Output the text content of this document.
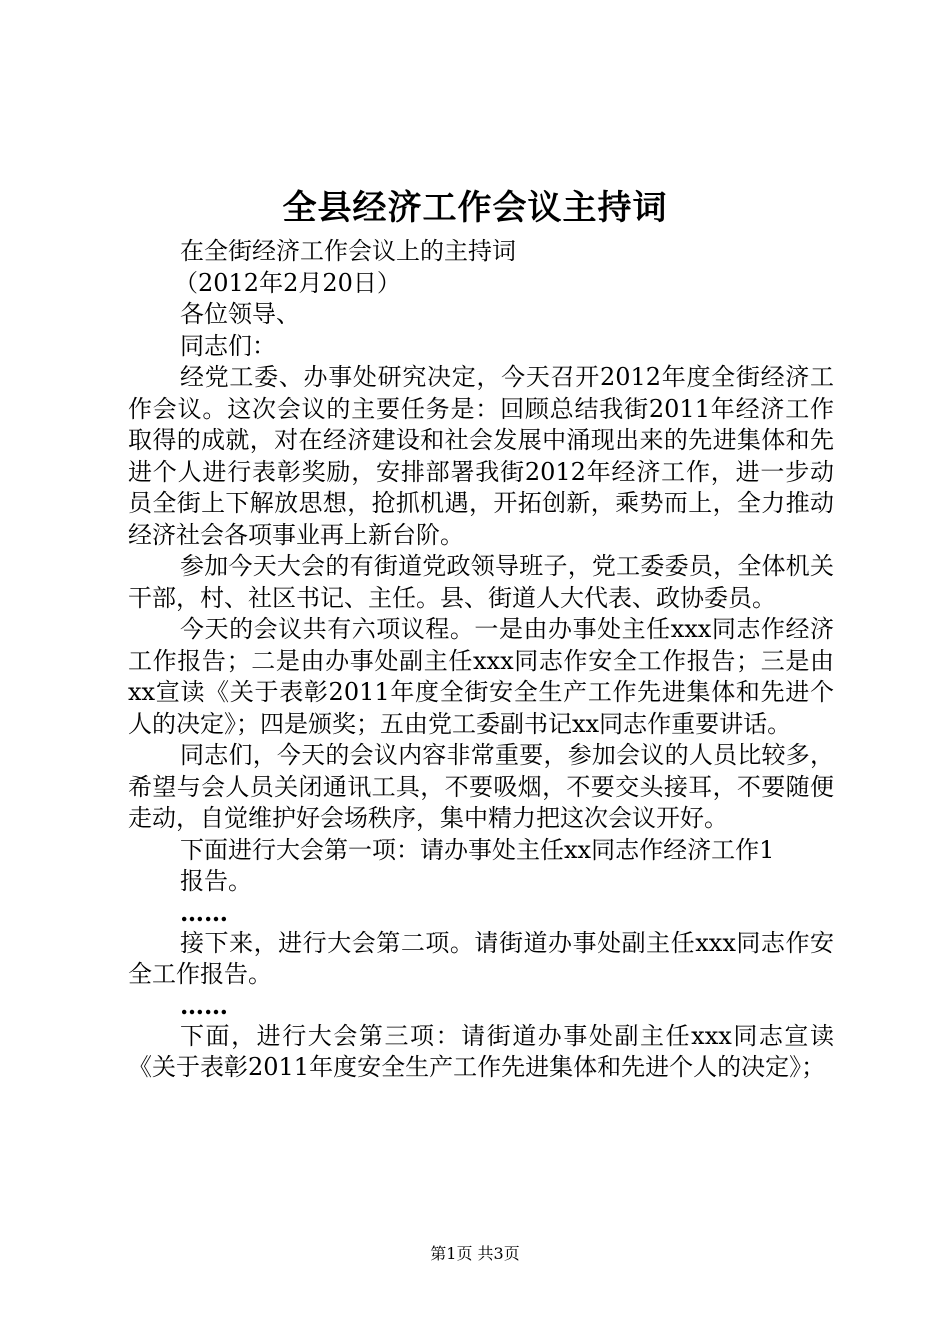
全县经济工作会议主持词

在全街经济工作会议上的主持词

（2012年2月20日）

各位领导、

同志们：

经党工委、办事处研究决定，今天召开2012年度全街经济工作会议。这次会议的主要任务是：回顾总结我街2011年经济工作取得的成就，对在经济建设和社会发展中涌现出来的先进集体和先进个人进行表彰奖励，安排部署我街2012年经济工作，进一步动员全街上下解放思想，抢抓机遇，开拓创新，乘势而上，全力推动经济社会各项事业再上新台阶。

参加今天大会的有街道党政领导班子，党工委委员，全体机关干部，村、社区书记、主任。县、街道人大代表、政协委员。

今天的会议共有六项议程。一是由办事处主任xxx同志作经济工作报告；二是由办事处副主任xxx同志作安全工作报告；三是由xx宣读《关于表彰2011年度全街安全生产工作先进集体和先进个人的决定》；四是颁奖；五由党工委副书记xx同志作重要讲话。

同志们，今天的会议内容非常重要，参加会议的人员比较多，希望与会人员关闭通讯工具，不要吸烟，不要交头接耳，不要随便走动，自觉维护好会场秩序，集中精力把这次会议开好。

下面进行大会第一项：请办事处主任xx同志作经济工作1

报告。

……

接下来，进行大会第二项。请街道办事处副主任xxx同志作安全工作报告。

……

下面，进行大会第三项：请街道办事处副主任xxx同志宣读《关于表彰2011年度安全生产工作先进集体和先进个人的决定》；

第1页 共3页
